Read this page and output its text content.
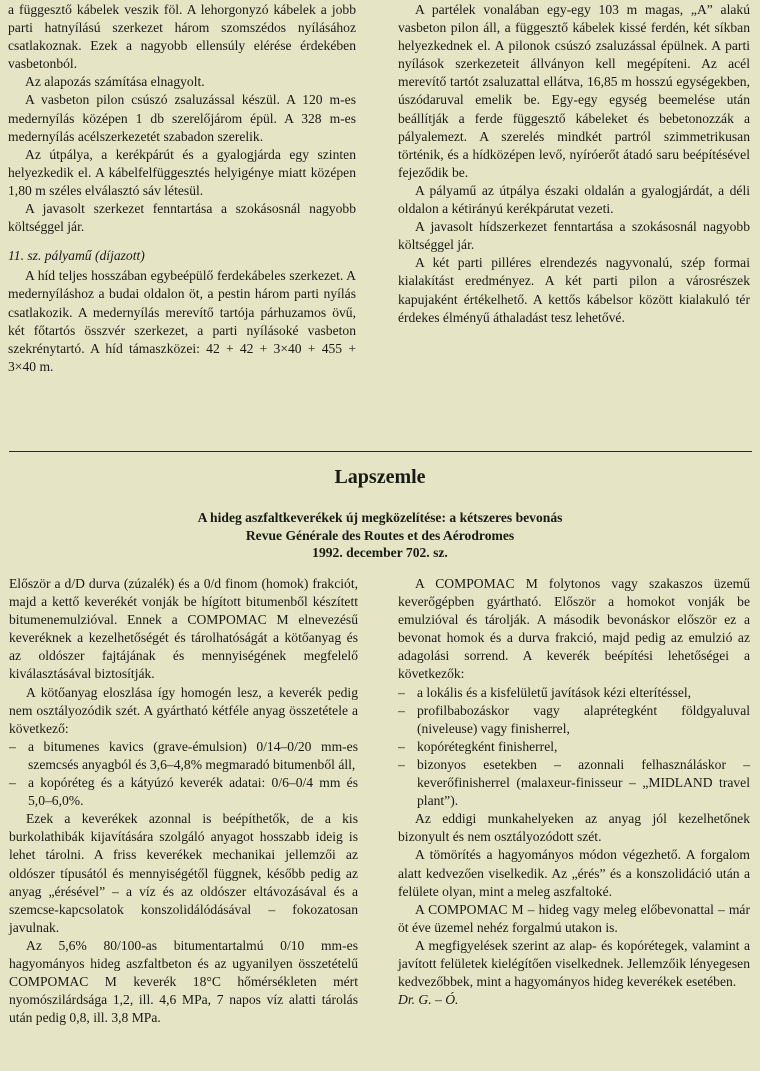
a függesztő kábelek veszik föl. A lehorgonyzó kábelek a jobb parti hatnyílású szerkezet három szomszédos nyílásához csatlakoznak. Ezek a nagyobb ellensúly elérése érdekében vasbetonból.

Az alapozás számítása elnagyolt.

A vasbeton pilon csúszó zsaluzással készül. A 120 m-es medernyílás középen 1 db szerelőjárom épül. A 328 m-es medernyílás acélszerkezetét szabadon szerelik.

Az útpálya, a kerékpárút és a gyalogjárda egy szinten helyezkedik el. A kábelfelfüggesztés helyigénye miatt középen 1,80 m széles elválasztó sáv létesül.

A javasolt szerkezet fenntartása a szokásosnál nagyobb költséggel jár.

11. sz. pályamű (díjazott)

A híd teljes hosszában egybeépülő ferdekábeles szerkezet. A medernyíláshoz a budai oldalon öt, a pestin három parti nyílás csatlakozik. A medernyílás merevítő tartója párhuzamos övű, két főtartós összvér szerkezet, a parti nyílásoké vasbeton szekrénytartó. A híd támaszközei: 42 + 42 + 3×40 + 455 + 3×40 m.

A partélek vonalában egy-egy 103 m magas, „A” alakú vasbeton pilon áll, a függesztő kábelek kissé ferdén, két síkban helyezkednek el. A pilonok csúszó zsaluzással épülnek. A parti nyílások szerkezeteit állványon kell megépíteni. Az acél merevítő tartót zsaluzattal ellátva, 16,85 m hosszú egységekben, úszódaruval emelik be. Egy-egy egység beemelése után beállítják a ferde függesztő kábeleket és bebetonozzák a pályalemezt. A szerelés mindkét partról szimmetrikusan történik, és a hídközépen levő, nyíróerőt átadó saru beépítésével fejeződik be.

A pályamű az útpálya északi oldalán a gyalogjárdát, a déli oldalon a kétirányú kerékpárutat vezeti.

A javasolt hídszerkezet fenntartása a szokásosnál nagyobb költséggel jár.

A két parti pilléres elrendezés nagyvonalú, szép formai kialakítást eredményez. A két parti pilon a városrészek kapujaként értékelhető. A kettős kábelsor között kialakuló tér érdekes élményű áthaladást tesz lehetővé.

Lapszemle
A hideg aszfaltkeverékek új megközelítése: a kétszeres bevonás
Revue Générale des Routes et des Aérodromes
1992. december 702. sz.

Először a d/D durva (zúzalék) és a 0/d finom (homok) frakciót, majd a kettő keverékét vonják be hígított bitumenből készített bitumenemulzióval. Ennek a COMPOMAC M elnevezésű keveréknek a kezelhetőségét és tárolhatóságát a kötőanyag és az oldószer fajtájának és mennyiségének megfelelő kiválasztásával biztosítják.

A kötőanyag eloszlása így homogén lesz, a keverék pedig nem osztályozódik szét. A gyártható kétféle anyag összetétele a következő:

– a bitumenes kavics (grave-émulsion) 0/14–0/20 mm-es szemcsés anyagból és 3,6–4,8% megmaradó bitumenből áll,

– a kopóréteg és a kátyúzó keverék adatai: 0/6–0/4 mm és 5,0–6,0%.

Ezek a keverékek azonnal is beépíthetők, de a kis burkolathibák kijavítására szolgáló anyagot hosszabb ideig is lehet tárolni. A friss keverékek mechanikai jellemzői az oldószer típusától és mennyiségétől függnek, később pedig az anyag „érésével” – a víz és az oldószer eltávozásával és a szemcse-kapcsolatok konszolidálódásával – fokozatosan javulnak.

Az 5,6% 80/100-as bitumentartalmú 0/10 mm-es hagyományos hideg aszfaltbeton és az ugyanilyen összetételű COMPOMAC M keverék 18°C hőmérsékleten mért nyomószilárdsága 1,2, ill. 4,6 MPa, 7 napos víz alatti tárolás után pedig 0,8, ill. 3,8 MPa.

A COMPOMAC M folytonos vagy szakaszos üzemű keverőgépben gyártható. Először a homokot vonják be emulzióval és tárolják. A második bevonáskor először ez a bevonat homok és a durva frakció, majd pedig az emulzió az adagolási sorrend. A keverék beépítési lehetőségei a következők:

– a lokális és a kisfelületű javítások kézi elterítéssel,

– profilbabozáskor vagy alaprétegként földgyaluval (niveleuse) vagy finisherrel,

– kopórétegként finisherrel,

– bizonyos esetekben – azonnali felhasználáskor – keverőfinisherrel (malaxeur-finisseur – „MIDLAND travel plant”).

Az eddigi munkahelyeken az anyag jól kezelhetőnek bizonyult és nem osztályozódott szét.

A tömörítés a hagyományos módon végezhető. A forgalom alatt kedvezően viselkedik. Az „érés” és a konszolidáció után a felülete olyan, mint a meleg aszfaltoké.

A COMPOMAC M – hideg vagy meleg előbevonattal – már öt éve üzemel nehéz forgalmú utakon is.

A megfigyelések szerint az alap- és kopórétegek, valamint a javított felületek kielégítően viselkednek. Jellemzőik lényegesen kedvezőbbek, mint a hagyományos hideg keverékek esetében.

Dr. G. – Ó.
